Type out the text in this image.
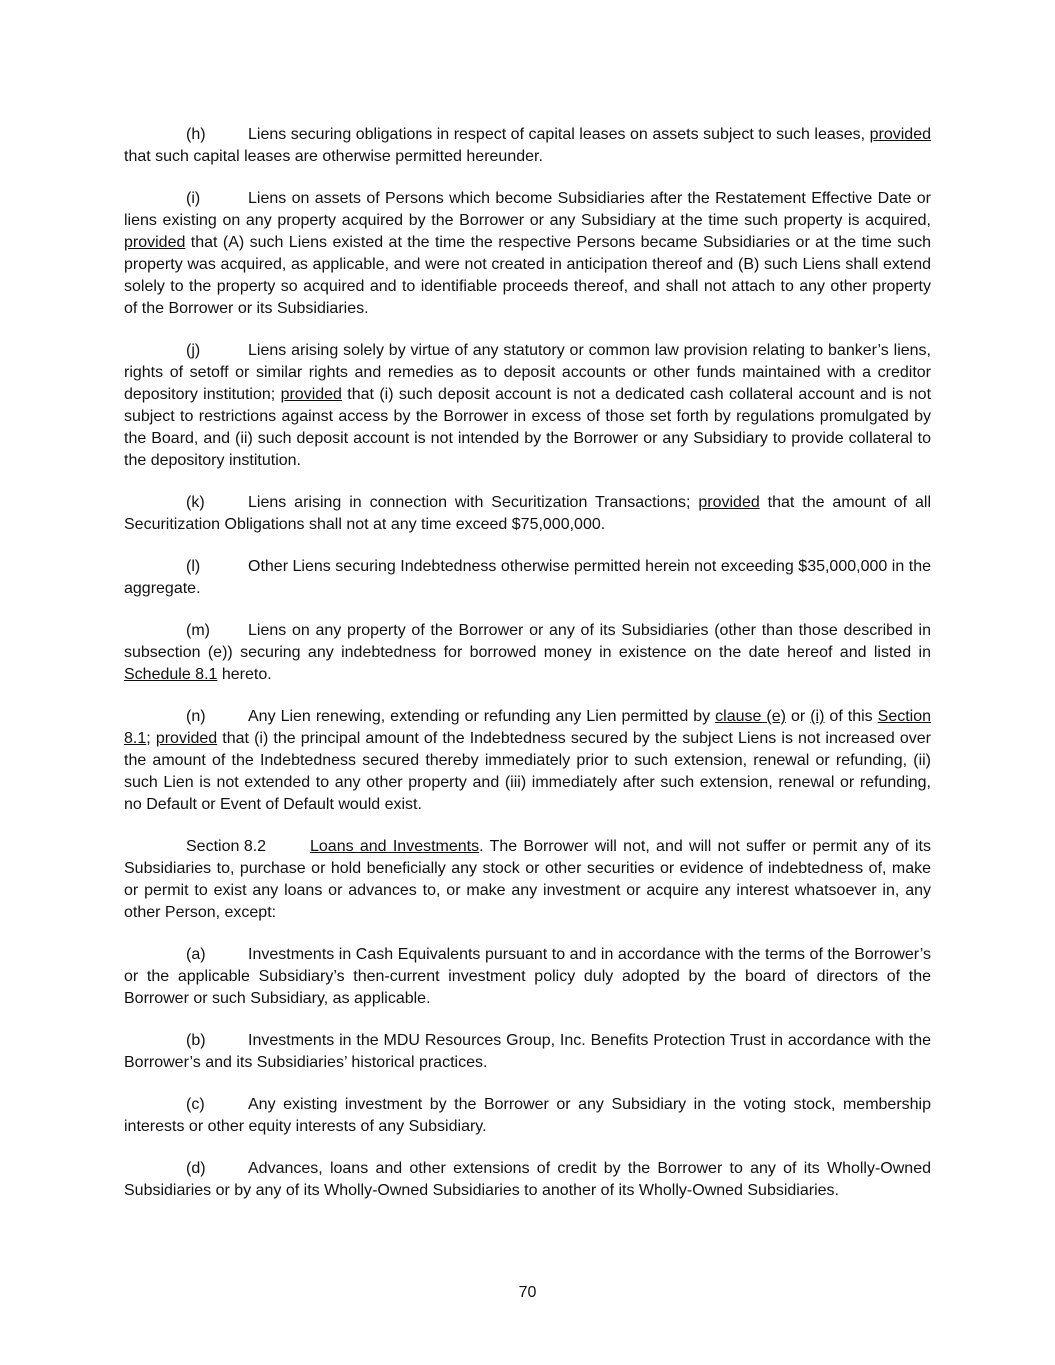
(h)	Liens securing obligations in respect of capital leases on assets subject to such leases, provided that such capital leases are otherwise permitted hereunder.

(i)	Liens on assets of Persons which become Subsidiaries after the Restatement Effective Date or liens existing on any property acquired by the Borrower or any Subsidiary at the time such property is acquired, provided that (A) such Liens existed at the time the respective Persons became Subsidiaries or at the time such property was acquired, as applicable, and were not created in anticipation thereof and (B) such Liens shall extend solely to the property so acquired and to identifiable proceeds thereof, and shall not attach to any other property of the Borrower or its Subsidiaries.

(j)	Liens arising solely by virtue of any statutory or common law provision relating to banker’s liens, rights of setoff or similar rights and remedies as to deposit accounts or other funds maintained with a creditor depository institution; provided that (i) such deposit account is not a dedicated cash collateral account and is not subject to restrictions against access by the Borrower in excess of those set forth by regulations promulgated by the Board, and (ii) such deposit account is not intended by the Borrower or any Subsidiary to provide collateral to the depository institution.

(k)	Liens arising in connection with Securitization Transactions; provided that the amount of all Securitization Obligations shall not at any time exceed $75,000,000.

(l)	Other Liens securing Indebtedness otherwise permitted herein not exceeding $35,000,000 in the aggregate.

(m) Liens on any property of the Borrower or any of its Subsidiaries (other than those described in subsection (e)) securing any indebtedness for borrowed money in existence on the date hereof and listed in Schedule 8.1 hereto.

(n)	Any Lien renewing, extending or refunding any Lien permitted by clause (e) or (i) of this Section 8.1; provided that (i) the principal amount of the Indebtedness secured by the subject Liens is not increased over the amount of the Indebtedness secured thereby immediately prior to such extension, renewal or refunding, (ii) such Lien is not extended to any other property and (iii) immediately after such extension, renewal or refunding, no Default or Event of Default would exist.

Section 8.2	Loans and Investments. The Borrower will not, and will not suffer or permit any of its Subsidiaries to, purchase or hold beneficially any stock or other securities or evidence of indebtedness of, make or permit to exist any loans or advances to, or make any investment or acquire any interest whatsoever in, any other Person, except:

(a)	Investments in Cash Equivalents pursuant to and in accordance with the terms of the Borrower’s or the applicable Subsidiary’s then-current investment policy duly adopted by the board of directors of the Borrower or such Subsidiary, as applicable.

(b)	Investments in the MDU Resources Group, Inc. Benefits Protection Trust in accordance with the Borrower’s and its Subsidiaries’ historical practices.

(c)	Any existing investment by the Borrower or any Subsidiary in the voting stock, membership interests or other equity interests of any Subsidiary.

(d)	Advances, loans and other extensions of credit by the Borrower to any of its Wholly-Owned Subsidiaries or by any of its Wholly-Owned Subsidiaries to another of its Wholly-Owned Subsidiaries.

70
